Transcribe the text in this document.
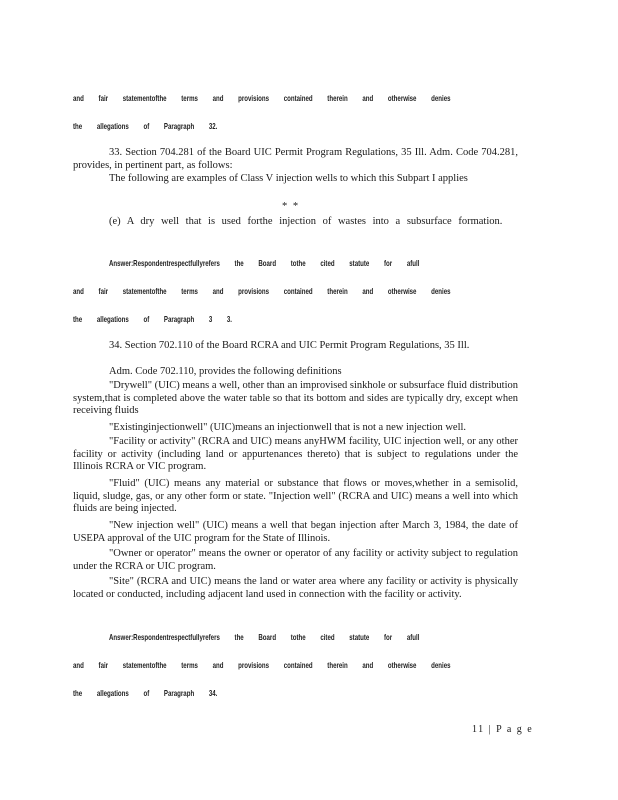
and fair statementofthe terms and provisions contained therein and otherwise denies
the allegations of Paragraph 32.
33. Section 704.281 of the Board UIC Permit Program Regulations, 35 Ill. Adm. Code 704.281, provides, in pertinent part, as follows:
The following are examples of Class V injection wells to which this Subpart I applies
* *
(e) A dry well that is used forthe injection of wastes into a subsurface formation.
Answer:Respondentrespectfullyrefers the Board tothe cited statute for afull
and fair statementofthe terms and provisions contained therein and otherwise denies
the allegations of Paragraph 3 3.
34. Section 702.110 of the Board RCRA and UIC Permit Program Regulations, 35 Ill.
Adm. Code 702.110, provides the following definitions
"Drywell" (UIC) means a well, other than an improvised sinkhole or subsurface fluid distribution system,that is completed above the water table so that its bottom and sides are typically dry, except when receiving fluids
"Existinginjectionwell" (UIC)means an injectionwell that is not a new injection well.
"Facility or activity" (RCRA and UIC) means anyHWM facility, UIC injection well, or any other facility or activity (including land or appurtenances thereto) that is subject to regulations under the Illinois RCRA or VIC program.
"Fluid" (UIC) means any material or substance that flows or moves,whether in a semisolid, liquid, sludge, gas, or any other form or state. "Injection well" (RCRA and UIC) means a well into which fluids are being injected.
"New injection well" (UIC) means a well that began injection after March 3, 1984, the date of USEPA approval of the UIC program for the State of Illinois.
"Owner or operator" means the owner or operator of any facility or activity subject to regulation under the RCRA or UIC program.
"Site" (RCRA and UIC) means the land or water area where any facility or activity is physically located or conducted, including adjacent land used in connection with the facility or activity.
Answer:Respondentrespectfullyrefers the Board tothe cited statute for afull
and fair statementofthe terms and provisions contained therein and otherwise denies
the allegations of Paragraph 34.
11 | P a g e
